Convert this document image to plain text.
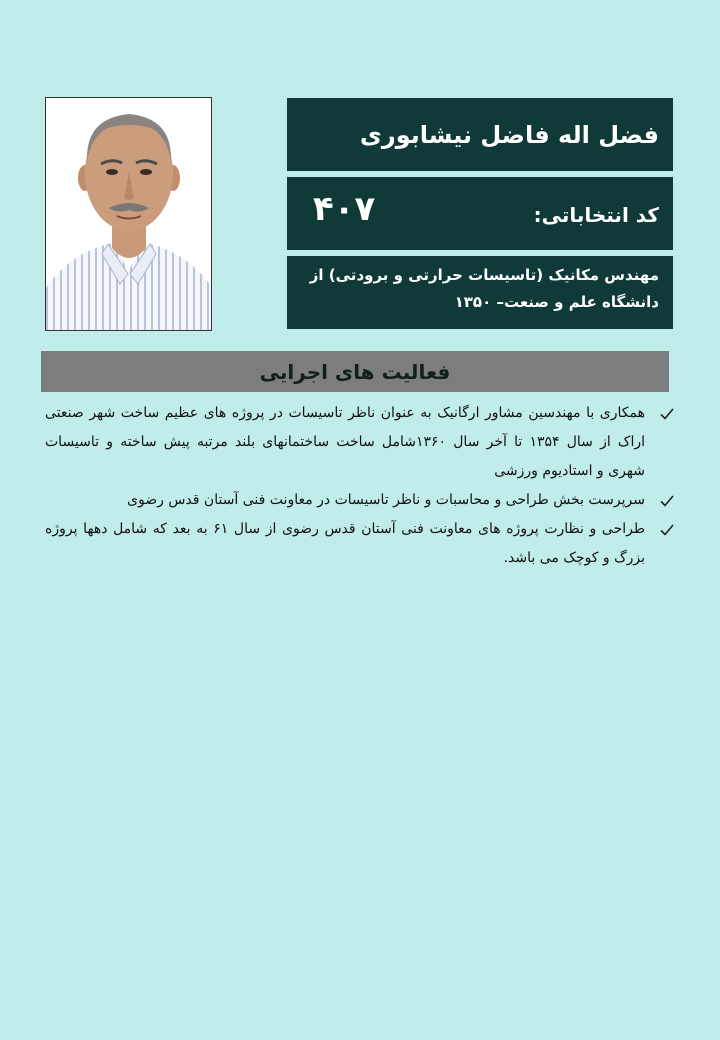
فضل اله فاضل نیشابوری
کد انتخاباتی:
۴۰۷
مهندس مکانیک (تاسیسات حرارتی و برودتی) از دانشگاه علم و صنعت– ۱۳۵۰
فعالیت های اجرایی
همکاری با مهندسین مشاور ارگانیک به عنوان ناظر تاسیسات در پروژه های عظیم ساخت شهر صنعتی اراک از سال ۱۳۵۴ تا آخر سال ۱۳۶۰شامل ساخت ساختمانهای بلند مرتبه پیش ساخته و تاسیسات شهری و استادیوم ورزشی
سرپرست بخش طراحی و محاسبات و ناظر تاسیسات در معاونت فنی آستان قدس رضوی
طراحی و نظارت پروژه های معاونت فنی آستان قدس رضوی از سال ۶۱ به بعد که شامل دهها پروژه بزرگ و کوچک می باشد.
